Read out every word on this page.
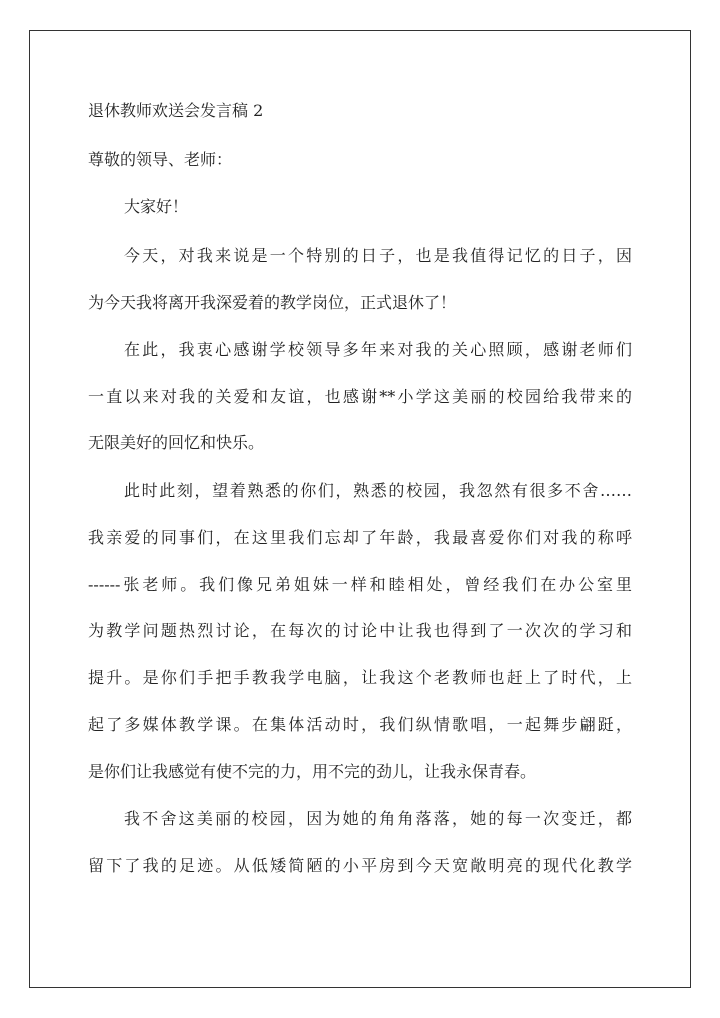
退休教师欢送会发言稿 2

尊敬的领导、老师：

大家好！

今天，对我来说是一个特别的日子，也是我值得记忆的日子，因

为今天我将离开我深爱着的教学岗位，正式退休了！

在此，我衷心感谢学校领导多年来对我的关心照顾，感谢老师们

一直以来对我的关爱和友谊，也感谢**小学这美丽的校园给我带来的

无限美好的回忆和快乐。

此时此刻，望着熟悉的你们，熟悉的校园，我忽然有很多不舍……

我亲爱的同事们，在这里我们忘却了年龄，我最喜爱你们对我的称呼

------张老师。我们像兄弟姐妹一样和睦相处，曾经我们在办公室里

为教学问题热烈讨论，在每次的讨论中让我也得到了一次次的学习和

提升。是你们手把手教我学电脑，让我这个老教师也赶上了时代，上

起了多媒体教学课。在集体活动时，我们纵情歌唱，一起舞步翩跹，

是你们让我感觉有使不完的力，用不完的劲儿，让我永保青春。

我不舍这美丽的校园，因为她的角角落落，她的每一次变迁，都

留下了我的足迹。从低矮简陋的小平房到今天宽敞明亮的现代化教学
